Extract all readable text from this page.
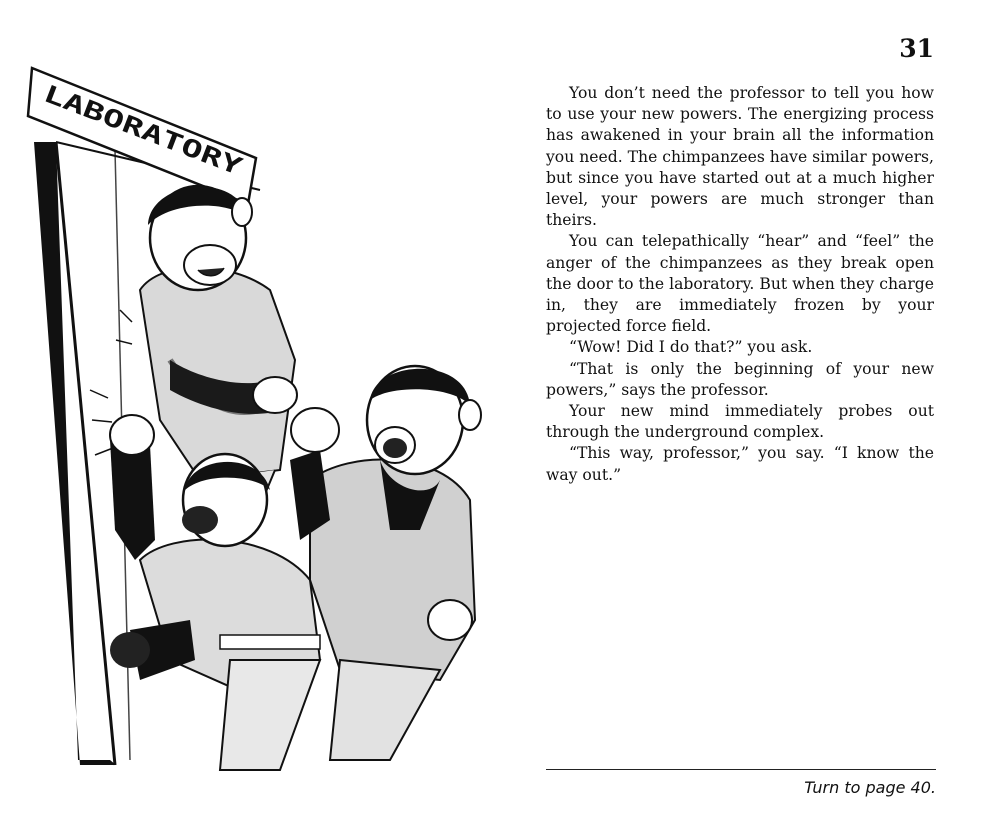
LABORATORY
31

You don’t need the professor to tell you how to use your new powers. The energizing process has awakened in your brain all the information you need. The chimpanzees have similar powers, but since you have started out at a much higher level, your powers are much stronger than theirs.

You can telepathically “hear” and “feel” the anger of the chimpanzees as they break open the door to the laboratory. But when they charge in, they are immediately frozen by your projected force field.

“Wow! Did I do that?” you ask.

“That is only the beginning of your new powers,” says the professor.

Your new mind immediately probes out through the underground complex.

“This way, professor,” you say. “I know the way out.”

Turn to page 40.
